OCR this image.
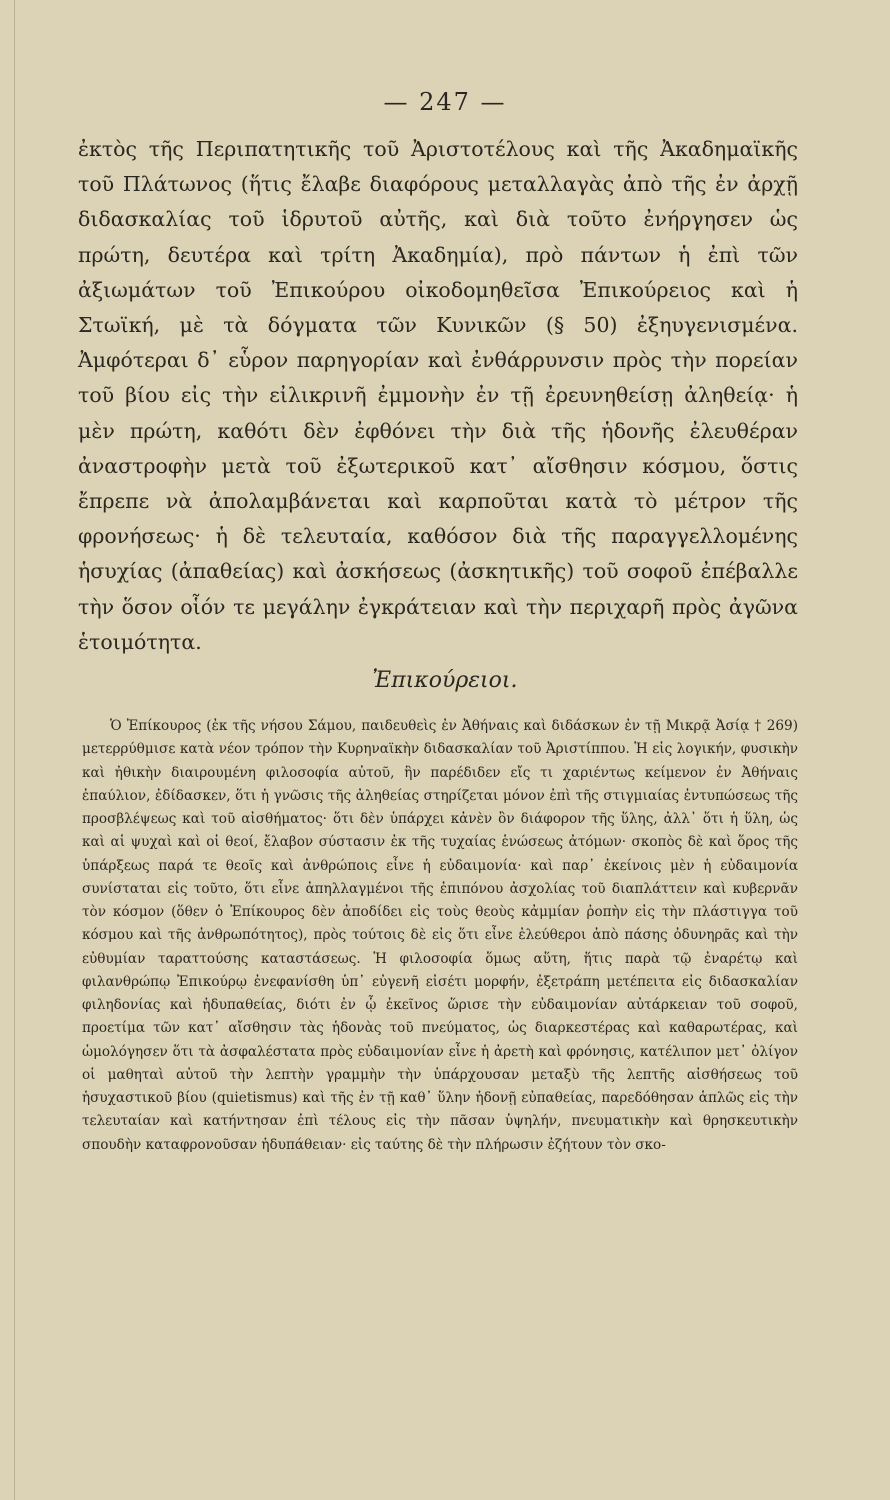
— 247 —

ἐκτὸς τῆς Περιπατητικῆς τοῦ Ἀριστοτέλους καὶ τῆς Ἀκαδημαϊκῆς τοῦ Πλάτωνος (ἥτις ἔλαβε διαφόρους μεταλλαγὰς ἀπὸ τῆς ἐν ἀρχῇ διδασκαλίας τοῦ ἱδρυτοῦ αὐτῆς, καὶ διὰ τοῦτο ἐνήργησεν ὡς πρώτη, δευτέρα καὶ τρίτη Ἀκαδημία), πρὸ πάντων ἡ ἐπὶ τῶν ἀξιωμάτων τοῦ Ἐπικούρου οἰκοδομηθεῖσα Ἐπικούρειος καὶ ἡ Στωϊκή, μὲ τὰ δόγματα τῶν Κυνικῶν (§ 50) ἐξηυγενισμένα. Ἀμφότεραι δ᾽ εὗρον παρηγορίαν καὶ ἐνθάρρυνσιν πρὸς τὴν πορείαν τοῦ βίου εἰς τὴν εἰλικρινῆ ἐμμονὴν ἐν τῇ ἐρευνηθείσῃ ἀληθείᾳ· ἡ μὲν πρώτη, καθότι δὲν ἐφθόνει τὴν διὰ τῆς ἡδονῆς ἐλευθέραν ἀναστροφὴν μετὰ τοῦ ἐξωτερικοῦ κατ᾽ αἴσθησιν κόσμου, ὅστις ἔπρεπε νὰ ἀπολαμβάνεται καὶ καρποῦται κατὰ τὸ μέτρον τῆς φρονήσεως· ἡ δὲ τελευταία, καθόσον διὰ τῆς παραγγελλομένης ἡσυχίας (ἀπαθείας) καὶ ἀσκήσεως (ἀσκητικῆς) τοῦ σοφοῦ ἐπέβαλλε τὴν ὅσον οἷόν τε μεγάλην ἐγκράτειαν καὶ τὴν περιχαρῆ πρὸς ἀγῶνα ἑτοιμότητα.

Ἐπικούρειοι.

Ὁ Ἐπίκουρος (ἐκ τῆς νήσου Σάμου, παιδευθεὶς ἐν Ἀθήναις καὶ διδάσκων ἐν τῇ Μικρᾷ Ἀσίᾳ † 269) μετερρύθμισε κατὰ νέον τρόπον τὴν Κυρηναϊκὴν διδασκαλίαν τοῦ Ἀριστίππου. Ἡ εἰς λογικήν, φυσικὴν καὶ ἠθικὴν διαιρουμένη φιλοσοφία αὐτοῦ, ἣν παρέδιδεν εἴς τι χαριέντως κείμενον ἐν Ἀθήναις ἐπαύλιον, ἐδίδασκεν, ὅτι ἡ γνῶσις τῆς ἀληθείας στηρίζεται μόνον ἐπὶ τῆς στιγμιαίας ἐντυπώσεως τῆς προσβλέψεως καὶ τοῦ αἰσθήματος· ὅτι δὲν ὑπάρχει κἀνὲν ὂν διάφορον τῆς ὕλης, ἀλλ᾽ ὅτι ἡ ὕλη, ὡς καὶ αἱ ψυχαὶ καὶ οἱ θεοί, ἔλαβον σύστασιν ἐκ τῆς τυχαίας ἑνώσεως ἀτόμων· σκοπὸς δὲ καὶ ὅρος τῆς ὑπάρξεως παρά τε θεοῖς καὶ ἀνθρώποις εἶνε ἡ εὐδαιμονία· καὶ παρ᾽ ἐκείνοις μὲν ἡ εὐδαιμονία συνίσταται εἰς τοῦτο, ὅτι εἶνε ἀπηλλαγμένοι τῆς ἐπιπόνου ἀσχολίας τοῦ διαπλάττειν καὶ κυβερνᾶν τὸν κόσμον (ὅθεν ὁ Ἐπίκουρος δὲν ἀποδίδει εἰς τοὺς θεοὺς κἀμμίαν ῥοπὴν εἰς τὴν πλάστιγγα τοῦ κόσμου καὶ τῆς ἀνθρωπότητος), πρὸς τούτοις δὲ εἰς ὅτι εἶνε ἐλεύθεροι ἀπὸ πάσης ὀδυνηρᾶς καὶ τὴν εὐθυμίαν ταραττούσης καταστάσεως. Ἡ φιλοσοφία ὅμως αὕτη, ἥτις παρὰ τῷ ἐναρέτῳ καὶ φιλανθρώπῳ Ἐπικούρῳ ἐνεφανίσθη ὑπ᾽ εὐγενῆ εἰσέτι μορφήν, ἐξετράπη μετέπειτα εἰς διδασκαλίαν φιληδονίας καὶ ἡδυπαθείας, διότι ἐν ᾧ ἐκεῖνος ὥρισε τὴν εὐδαιμονίαν αὐτάρκειαν τοῦ σοφοῦ, προετίμα τῶν κατ᾽ αἴσθησιν τὰς ἡδονὰς τοῦ πνεύματος, ὡς διαρκεστέρας καὶ καθαρωτέρας, καὶ ὡμολόγησεν ὅτι τὰ ἀσφαλέστατα πρὸς εὐδαιμονίαν εἶνε ἡ ἀρετὴ καὶ φρόνησις, κατέλιπον μετ᾽ ὀλίγον οἱ μαθηταὶ αὐτοῦ τὴν λεπτὴν γραμμὴν τὴν ὑπάρχουσαν μεταξὺ τῆς λεπτῆς αἰσθήσεως τοῦ ἡσυχαστικοῦ βίου (quietismus) καὶ τῆς ἐν τῇ καθ᾽ ὕλην ἡδονῇ εὐπαθείας, παρεδόθησαν ἁπλῶς εἰς τὴν τελευταίαν καὶ κατήντησαν ἐπὶ τέλους εἰς τὴν πᾶσαν ὑψηλήν, πνευματικὴν καὶ θρησκευτικὴν σπουδὴν καταφρονοῦσαν ἡδυπάθειαν· εἰς ταύτης δὲ τὴν πλήρωσιν ἐζήτουν τὸν σκο-
